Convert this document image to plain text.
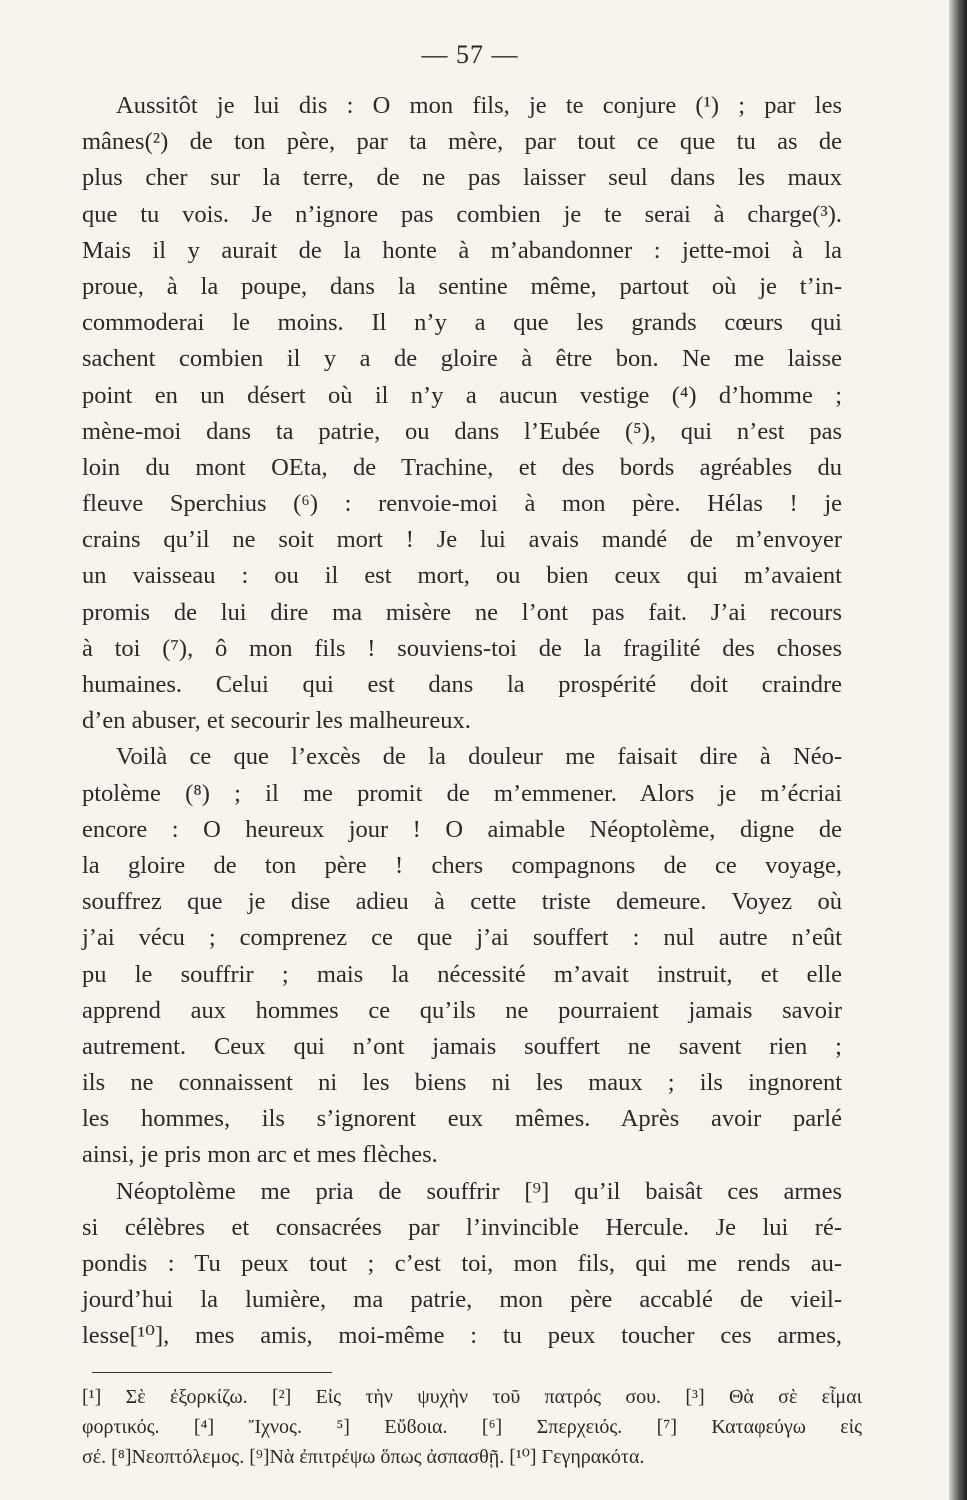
— 57 —
Aussitôt je lui dis : O mon fils, je te conjure (¹) ; par les
mânes(²) de ton père, par ta mère, par tout ce que tu as de
plus cher sur la terre, de ne pas laisser seul dans les maux
que tu vois. Je n’ignore pas combien je te serai à charge(³).
Mais il y aurait de la honte à m’abandonner : jette-moi à la
proue, à la poupe, dans la sentine même, partout où je t’in-
commoderai le moins. Il n’y a que les grands cœurs qui
sachent combien il y a de gloire à être bon. Ne me laisse
point en un désert où il n’y a aucun vestige (⁴) d’homme ;
mène-moi dans ta patrie, ou dans l’Eubée (⁵), qui n’est pas
loin du mont OEta, de Trachine, et des bords agréables du
fleuve Sperchius (⁶) : renvoie-moi à mon père. Hélas ! je
crains qu’il ne soit mort ! Je lui avais mandé de m’envoyer
un vaisseau : ou il est mort, ou bien ceux qui m’avaient
promis de lui dire ma misère ne l’ont pas fait. J’ai recours
à toi (⁷), ô mon fils ! souviens-toi de la fragilité des choses
humaines. Celui qui est dans la prospérité doit craindre
d’en abuser, et secourir les malheureux.
Voilà ce que l’excès de la douleur me faisait dire à Néo-
ptolème (⁸) ; il me promit de m’emmener. Alors je m’écriai
encore : O heureux jour ! O aimable Néoptolème, digne de
la gloire de ton père ! chers compagnons de ce voyage,
souffrez que je dise adieu à cette triste demeure. Voyez où
j’ai vécu ; comprenez ce que j’ai souffert : nul autre n’eût
pu le souffrir ; mais la nécessité m’avait instruit, et elle
apprend aux hommes ce qu’ils ne pourraient jamais savoir
autrement. Ceux qui n’ont jamais souffert ne savent rien ;
ils ne connaissent ni les biens ni les maux ; ils ingnorent
les hommes, ils s’ignorent eux mêmes. Après avoir parlé
ainsi, je pris mon arc et mes flèches.
Néoptolème me pria de souffrir [⁹] qu’il baisât ces armes
si célèbres et consacrées par l’invincible Hercule. Je lui ré-
pondis : Tu peux tout ; c’est toi, mon fils, qui me rends au-
jourd’hui la lumière, ma patrie, mon père accablé de vieil-
lesse[¹⁰], mes amis, moi-même : tu peux toucher ces armes,
[¹] Σὲ ἐξορκίζω. [²] Εἰς τὴν ψυχὴν τοῦ πατρός σου. [³] Θὰ σὲ εἶμαι
φορτικός. [⁴] Ἴχνος. ⁵] Εὔϐοια. [⁶] Σπερχειός. [⁷] Καταφεύγω εἰς
σέ. [⁸]Νεοπτόλεμος. [⁹]Νὰ ἐπιτρέψω ὅπως ἀσπασθῇ. [¹⁰] Γεγηρακότα.
